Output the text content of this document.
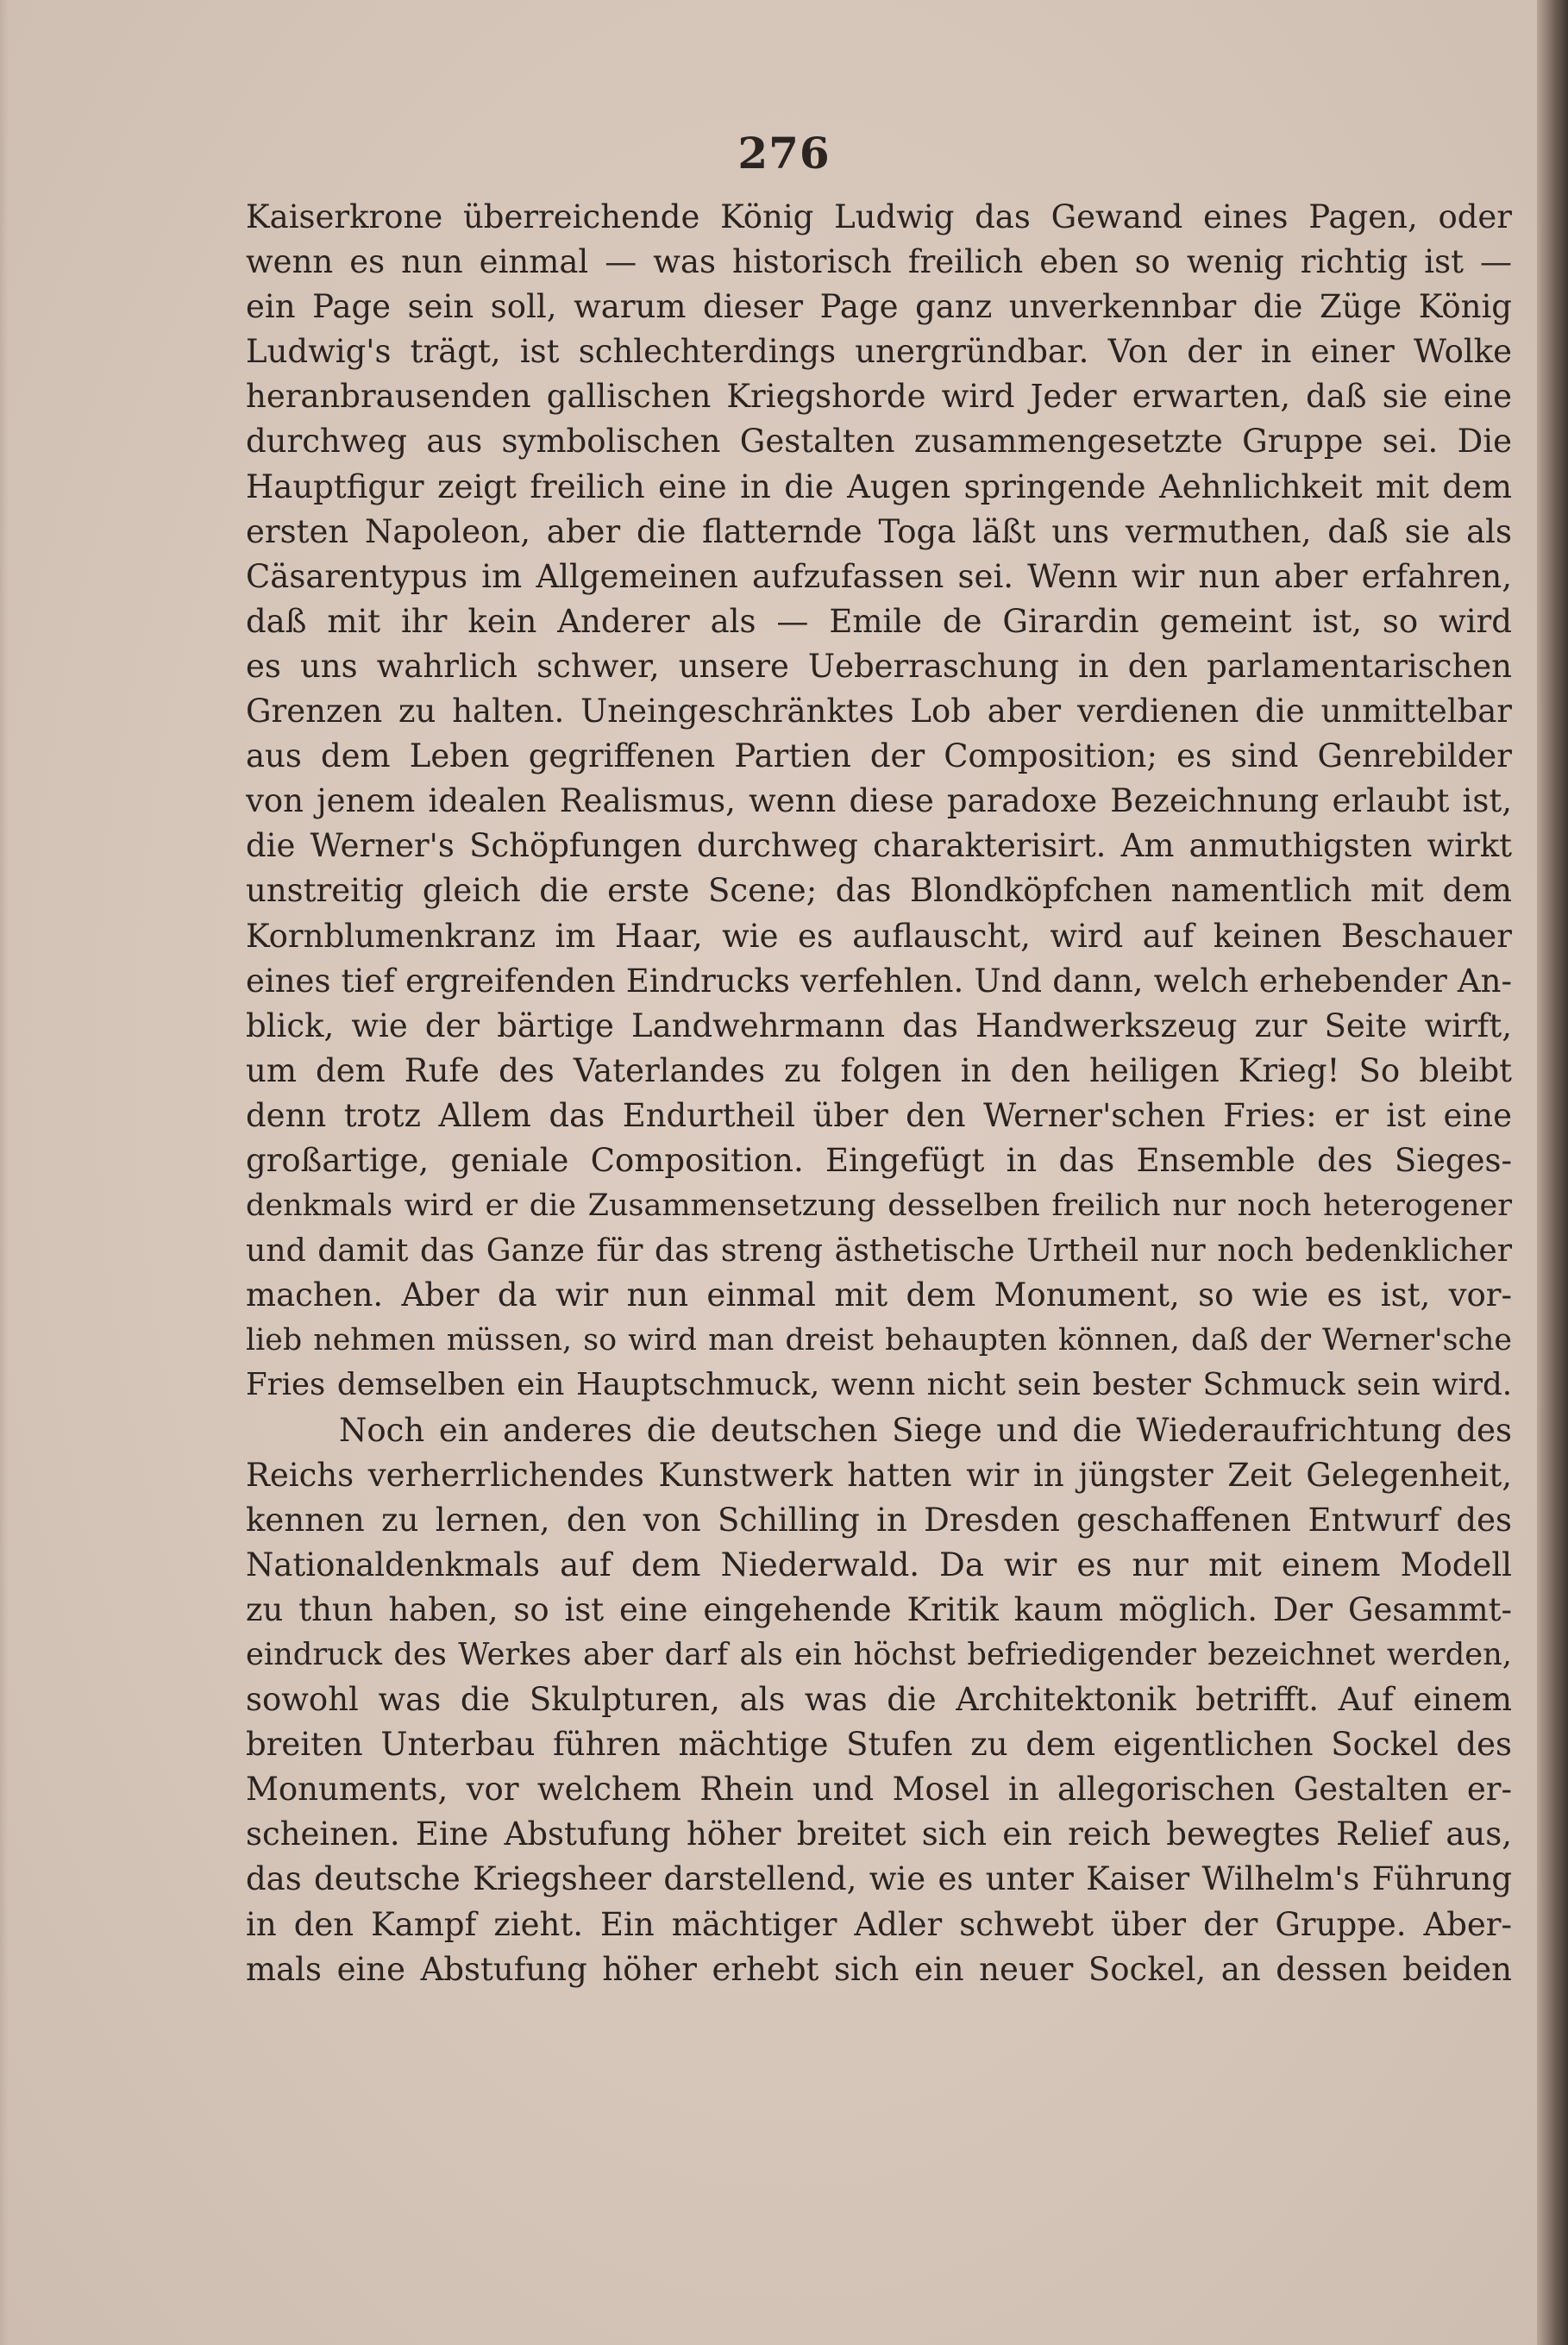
276
Kaiserkrone überreichende König Ludwig das Gewand eines Pagen, oder
wenn es nun einmal — was historisch freilich eben so wenig richtig ist —
ein Page sein soll, warum dieser Page ganz unverkennbar die Züge König
Ludwig's trägt, ist schlechterdings unergründbar. Von der in einer Wolke
heranbrausenden gallischen Kriegshorde wird Jeder erwarten, daß sie eine
durchweg aus symbolischen Gestalten zusammengesetzte Gruppe sei. Die
Hauptfigur zeigt freilich eine in die Augen springende Aehnlichkeit mit dem
ersten Napoleon, aber die flatternde Toga läßt uns vermuthen, daß sie als
Cäsarentypus im Allgemeinen aufzufassen sei. Wenn wir nun aber erfahren,
daß mit ihr kein Anderer als — Emile de Girardin gemeint ist, so wird
es uns wahrlich schwer, unsere Ueberraschung in den parlamentarischen
Grenzen zu halten. Uneingeschränktes Lob aber verdienen die unmittelbar
aus dem Leben gegriffenen Partien der Composition; es sind Genrebilder
von jenem idealen Realismus, wenn diese paradoxe Bezeichnung erlaubt ist,
die Werner's Schöpfungen durchweg charakterisirt. Am anmuthigsten wirkt
unstreitig gleich die erste Scene; das Blondköpfchen namentlich mit dem
Kornblumenkranz im Haar, wie es auflauscht, wird auf keinen Beschauer
eines tief ergreifenden Eindrucks verfehlen. Und dann, welch erhebender An-
blick, wie der bärtige Landwehrmann das Handwerkszeug zur Seite wirft,
um dem Rufe des Vaterlandes zu folgen in den heiligen Krieg! So bleibt
denn trotz Allem das Endurtheil über den Werner'schen Fries: er ist eine
großartige, geniale Composition. Eingefügt in das Ensemble des Sieges-
denkmals wird er die Zusammensetzung desselben freilich nur noch heterogener
und damit das Ganze für das streng ästhetische Urtheil nur noch bedenklicher
machen. Aber da wir nun einmal mit dem Monument, so wie es ist, vor-
lieb nehmen müssen, so wird man dreist behaupten können, daß der Werner'sche
Fries demselben ein Hauptschmuck, wenn nicht sein bester Schmuck sein wird.
Noch ein anderes die deutschen Siege und die Wiederaufrichtung des
Reichs verherrlichendes Kunstwerk hatten wir in jüngster Zeit Gelegenheit,
kennen zu lernen, den von Schilling in Dresden geschaffenen Entwurf des
Nationaldenkmals auf dem Niederwald. Da wir es nur mit einem Modell
zu thun haben, so ist eine eingehende Kritik kaum möglich. Der Gesammt-
eindruck des Werkes aber darf als ein höchst befriedigender bezeichnet werden,
sowohl was die Skulpturen, als was die Architektonik betrifft. Auf einem
breiten Unterbau führen mächtige Stufen zu dem eigentlichen Sockel des
Monuments, vor welchem Rhein und Mosel in allegorischen Gestalten er-
scheinen. Eine Abstufung höher breitet sich ein reich bewegtes Relief aus,
das deutsche Kriegsheer darstellend, wie es unter Kaiser Wilhelm's Führung
in den Kampf zieht. Ein mächtiger Adler schwebt über der Gruppe. Aber-
mals eine Abstufung höher erhebt sich ein neuer Sockel, an dessen beiden
